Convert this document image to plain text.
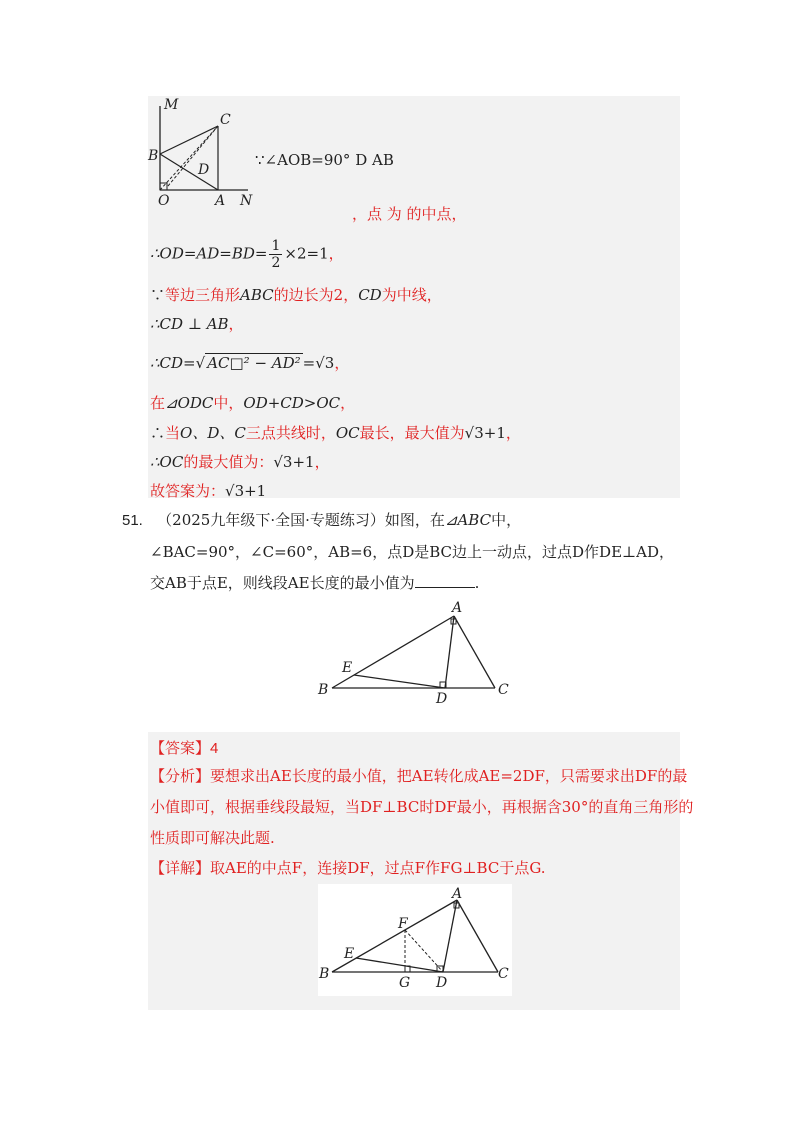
M
C
B
D
O	A N
∵∠AOB=90° D AB
，点 为 的中点，
∴OD=AD=BD= $\frac{1}{2} \times 2=1$，
∵等边三角形ABC的边长为2，CD为中线，
∴CD ⊥ AB，
∴CD=√ AC□² − AD² =√3，
在⊿ODC中，OD+CD>OC，
∴当O、D、C三点共线时，OC最长，最大值为√3+1，
∴OC的最大值为：√3+1，
故答案为：√3+1
51. （2025九年级下·全国·专题练习）如图，在⊿ABC中，
∠BAC=90°，∠C=60°，AB=6，点D是BC边上一动点，过点D作DE⊥AD，
交AB于点E，则线段AE长度的最小值为	.
A
E
B
D
C
【答案】4
【分析】要想求出AE长度的最小值，把AE转化成AE=2DF，只需要求出DF的最
小值即可，根据垂线段最短，当DF⊥BC时DF最小，再根据含30°的直角三角形的
性质即可解决此题.
【详解】取AE的中点F，连接DF，过点F作FG⊥BC于点G.
A
F
E
B
G D
C
